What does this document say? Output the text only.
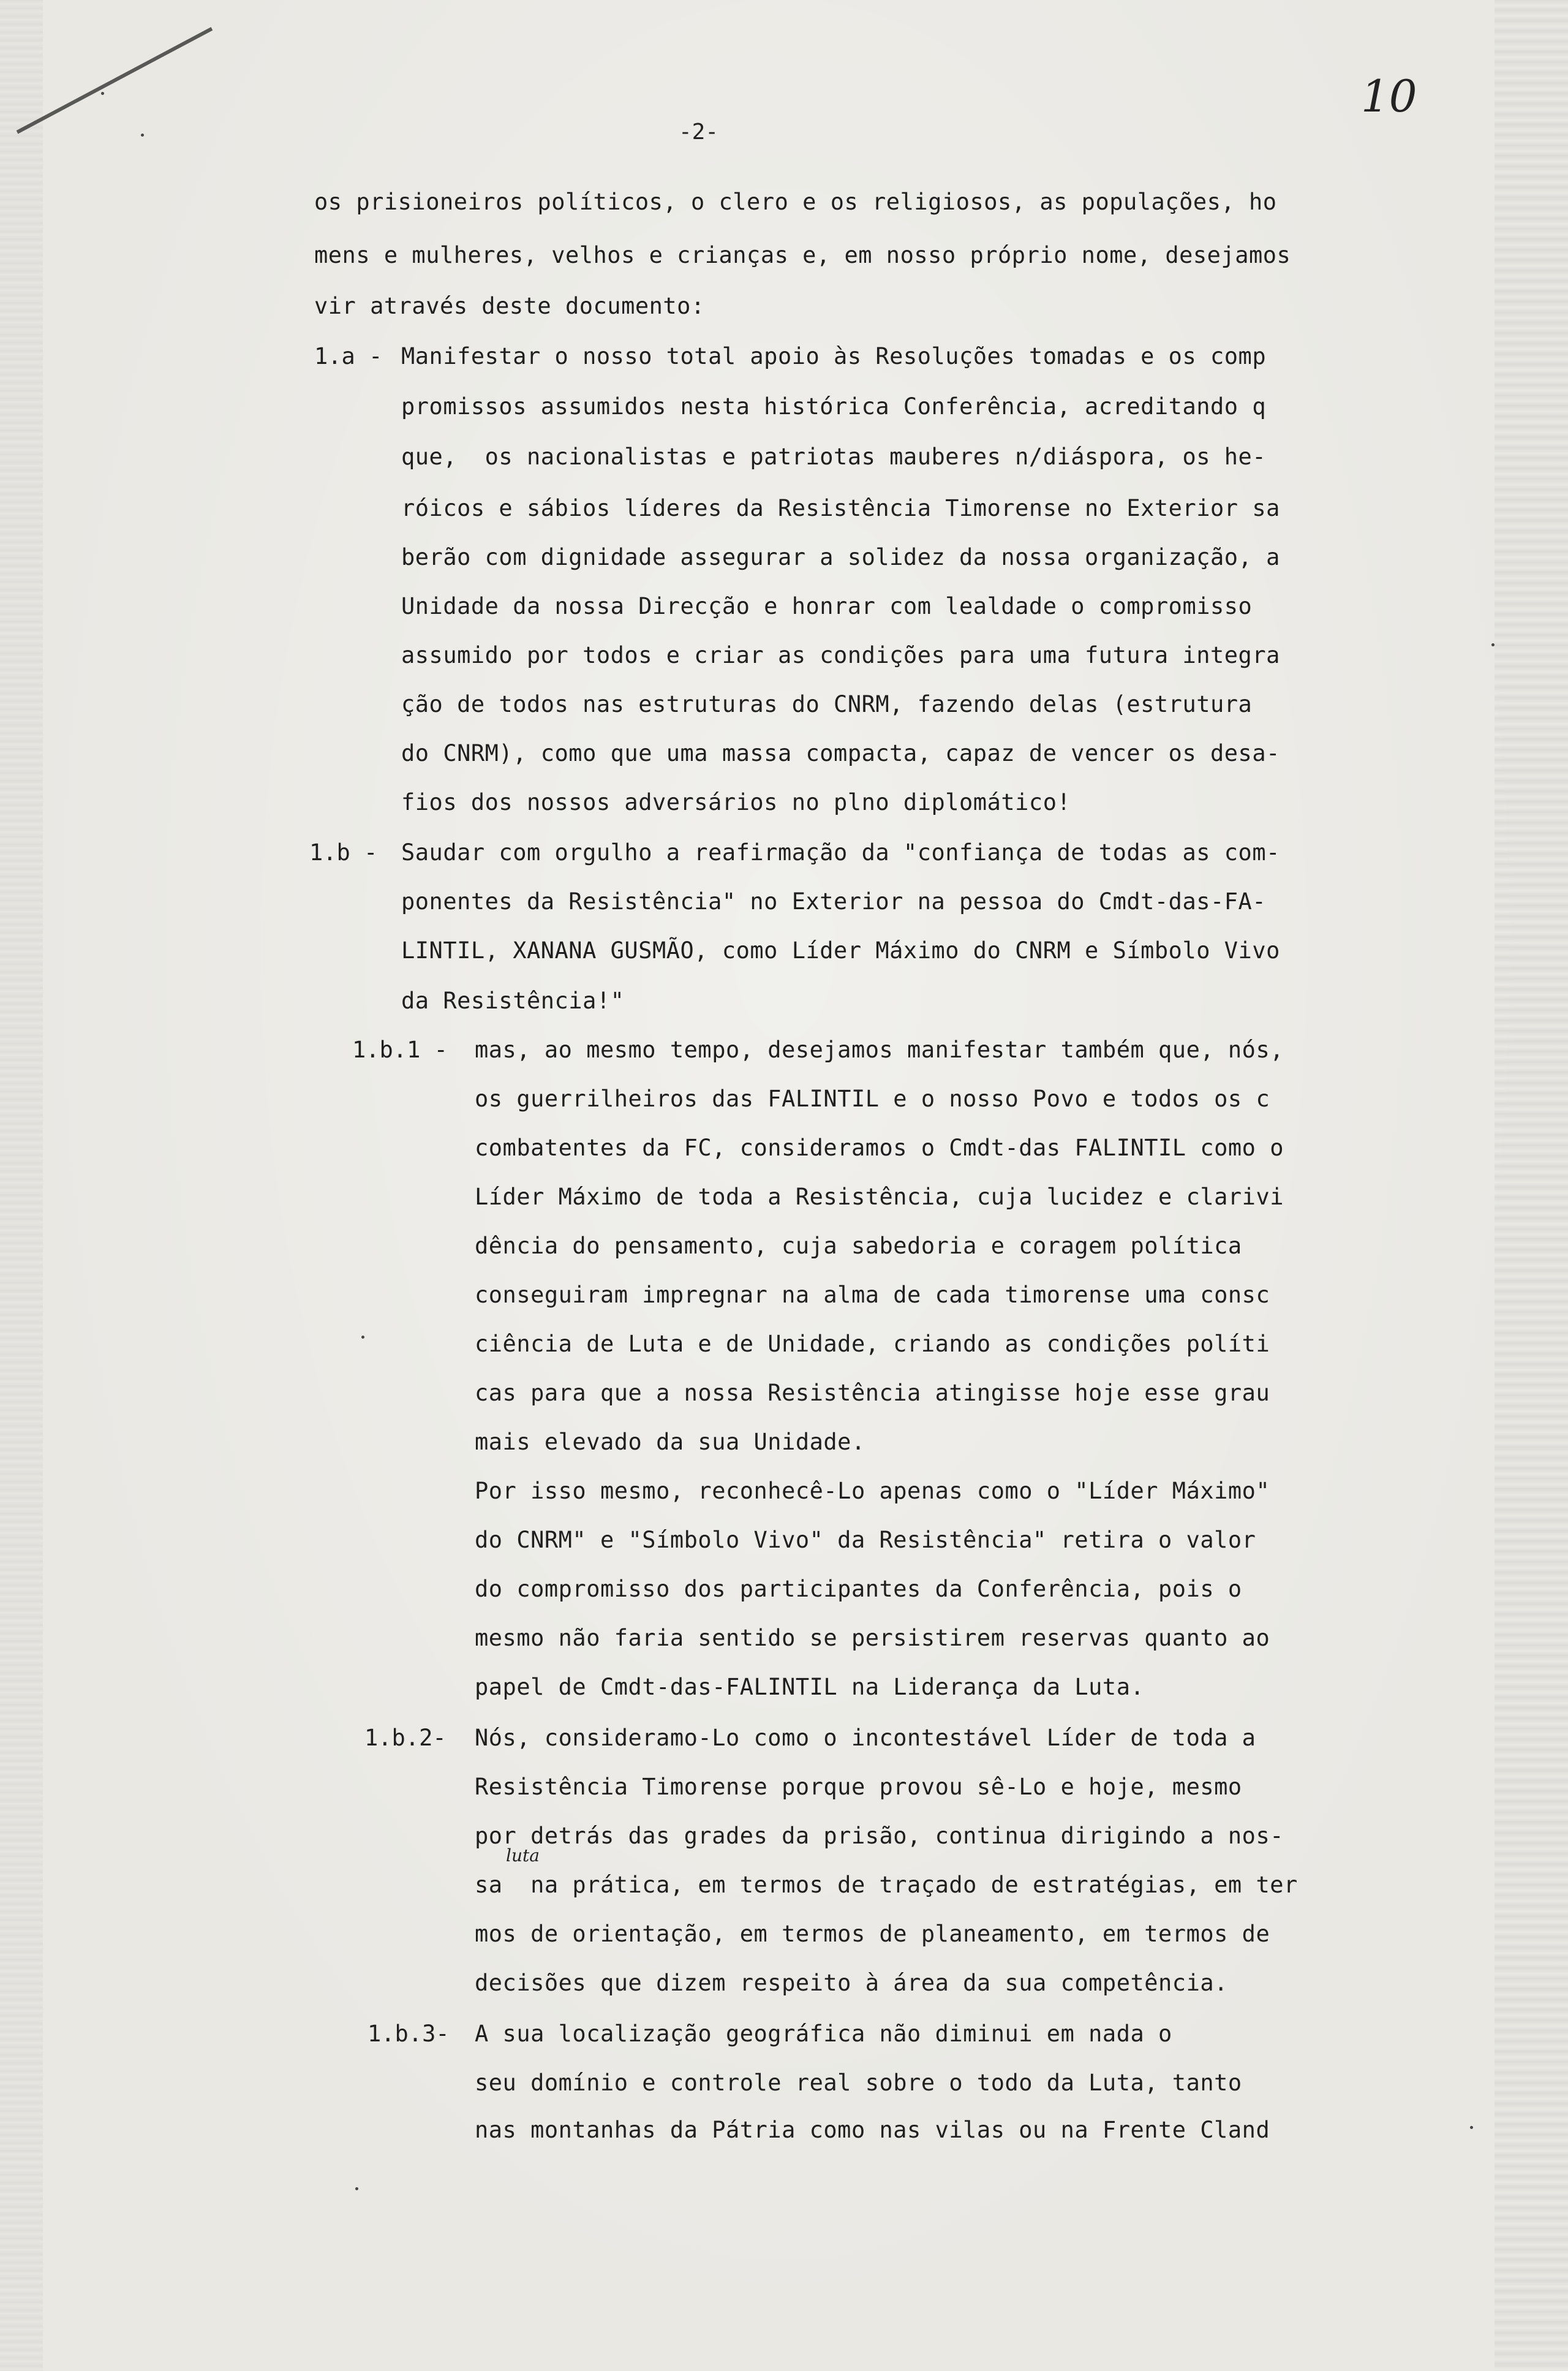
10
-2-
os prisioneiros políticos, o clero e os religiosos, as populações, ho
mens e mulheres, velhos e crianças e, em nosso próprio nome, desejamos
vir através deste documento:
1.a - Manifestar o nosso total apoio às Resoluções tomadas e os comp
promissos assumidos nesta histórica Conferência, acreditando q
que,  os nacionalistas e patriotas mauberes n/diáspora, os he-
róicos e sábios líderes da Resistência Timorense no Exterior sa
berão com dignidade assegurar a solidez da nossa organização, a
Unidade da nossa Direcção e honrar com lealdade o compromisso
assumido por todos e criar as condições para uma futura integra
ção de todos nas estruturas do CNRM, fazendo delas (estrutura
do CNRM), como que uma massa compacta, capaz de vencer os desa-
fios dos nossos adversários no plno diplomático!
1.b - Saudar com orgulho a reafirmação da "confiança de todas as com-
ponentes da Resistência" no Exterior na pessoa do Cmdt-das-FA-
LINTIL, XANANA GUSMÃO, como Líder Máximo do CNRM e Símbolo Vivo
da Resistência!"
1.b.1 - mas, ao mesmo tempo, desejamos manifestar também que, nós,
os guerrilheiros das FALINTIL e o nosso Povo e todos os c
combatentes da FC, consideramos o Cmdt-das FALINTIL como o
Líder Máximo de toda a Resistência, cuja lucidez e clarivi
dência do pensamento, cuja sabedoria e coragem política
conseguiram impregnar na alma de cada timorense uma consc
ciência de Luta e de Unidade, criando as condições políti
cas para que a nossa Resistência atingisse hoje esse grau
mais elevado da sua Unidade.
Por isso mesmo, reconhecê-Lo apenas como o "Líder Máximo"
do CNRM" e "Símbolo Vivo" da Resistência" retira o valor
do compromisso dos participantes da Conferência, pois o
mesmo não faria sentido se persistirem reservas quanto ao
papel de Cmdt-das-FALINTIL na Liderança da Luta.
1.b.2- Nós, consideramo-Lo como o incontestável Líder de toda a
Resistência Timorense porque provou sê-Lo e hoje, mesmo
por detrás das grades da prisão, continua dirigindo a nos-
sa  na prática, em termos de traçado de estratégias, em ter
luta
mos de orientação, em termos de planeamento, em termos de
decisões que dizem respeito à área da sua competência.
1.b.3- A sua localização geográfica não diminui em nada o
seu domínio e controle real sobre o todo da Luta, tanto
nas montanhas da Pátria como nas vilas ou na Frente Cland
